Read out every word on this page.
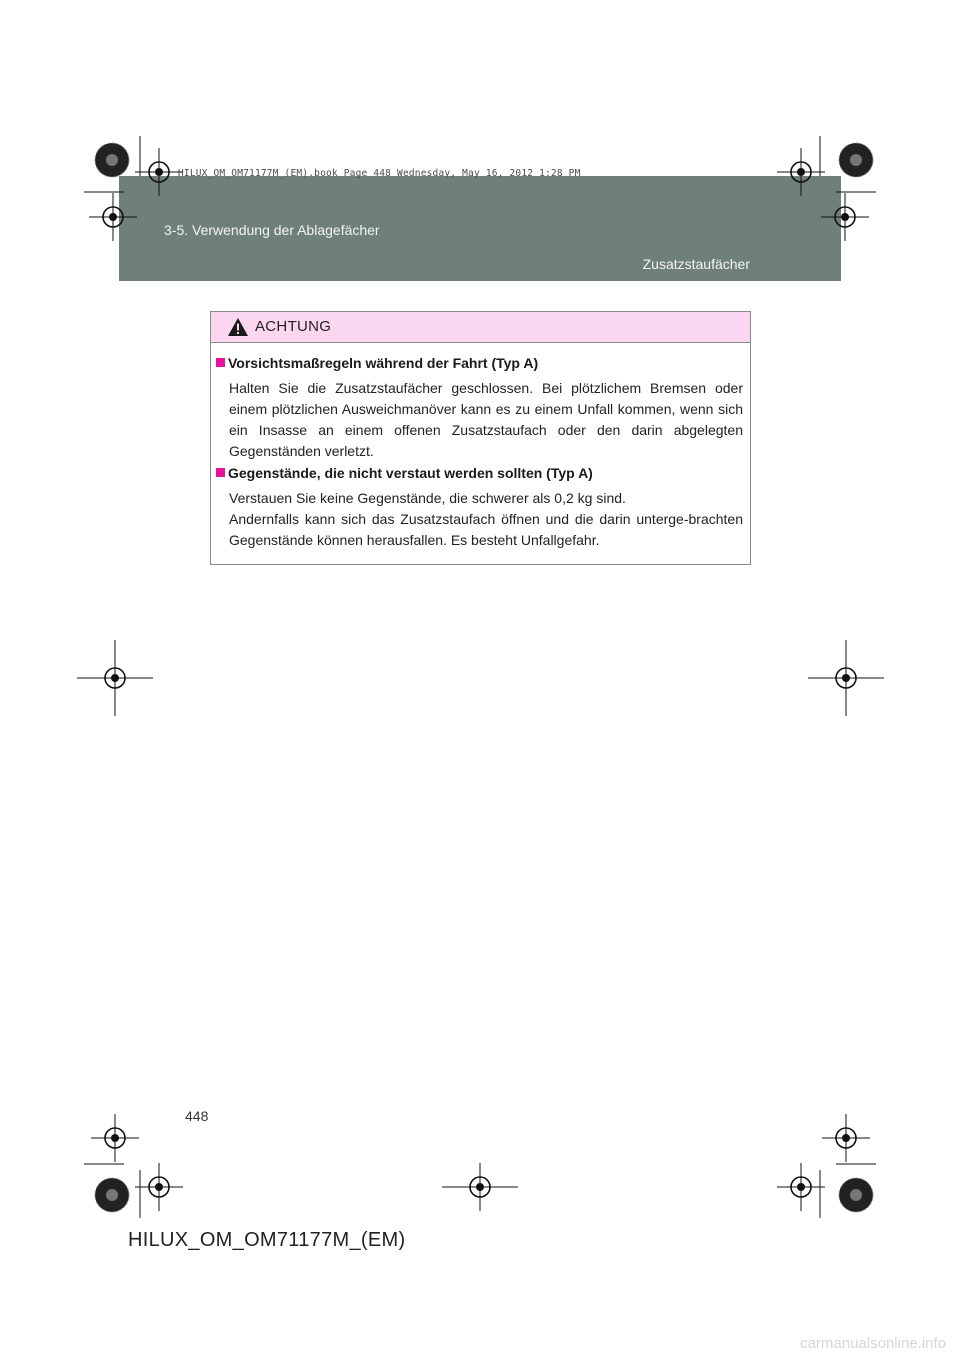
3-5. Verwendung der Ablagefächer
Zusatzstaufächer
HILUX_OM_OM71177M_(EM).book Page 448 Wednesday, May 16, 2012 1:28 PM
ACHTUNG
Vorsichtsmaßregeln während der Fahrt (Typ A)

Halten Sie die Zusatzstaufächer geschlossen. Bei plötzlichem Bremsen oder einem plötzlichen Ausweichmanöver kann es zu einem Unfall kommen, wenn sich ein Insasse an einem offenen Zusatzstaufach oder den darin abgelegten Gegenständen verletzt.

Gegenstände, die nicht verstaut werden sollten (Typ A)

Verstauen Sie keine Gegenstände, die schwerer als 0,2 kg sind.

Andernfalls kann sich das Zusatzstaufach öffnen und die darin unterge-brachten Gegenstände können herausfallen. Es besteht Unfallgefahr.

448
HILUX_OM_OM71177M_(EM)
carmanualsonline.info
